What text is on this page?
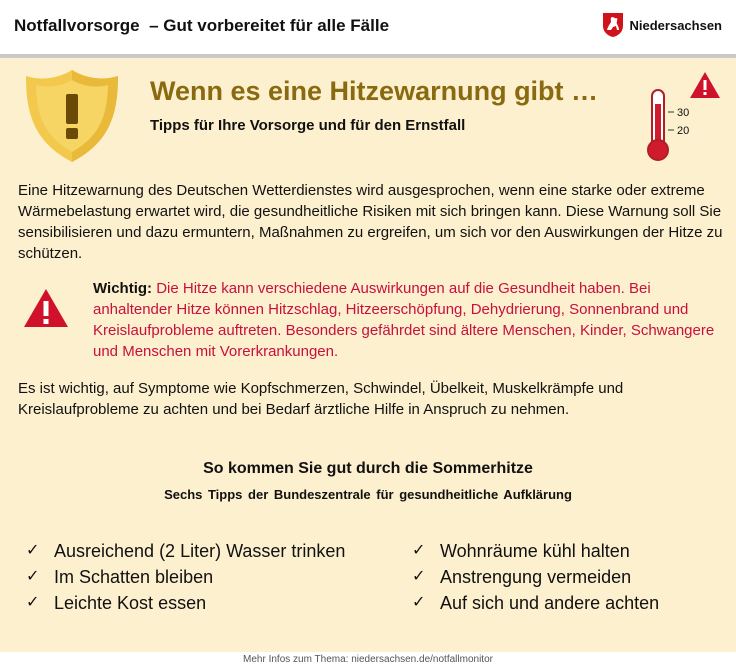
Notfallvorsorge  – Gut vorbereitet für alle Fälle	Niedersachsen
Wenn es eine Hitzewarnung gibt …
Tipps für Ihre Vorsorge und für den Ernstfall
30
20
Eine Hitzewarnung des Deutschen Wetterdienstes wird ausgesprochen, wenn eine starke oder extreme Wärmebelastung erwartet wird, die gesundheitliche Risiken mit sich bringen kann. Diese Warnung soll Sie sensibilisieren und dazu ermuntern, Maßnahmen zu ergreifen, um sich vor den Auswirkungen der Hitze zu schützen.
Wichtig: Die Hitze kann verschiedene Auswirkungen auf die Gesundheit haben. Bei anhaltender Hitze können Hitzschlag, Hitzeerschöpfung, Dehydrierung, Sonnenbrand und Kreislaufprobleme auftreten. Besonders gefährdet sind ältere Menschen, Kinder, Schwangere und Menschen mit Vorerkrankungen.
Es ist wichtig, auf Symptome wie Kopfschmerzen, Schwindel, Übelkeit, Muskelkrämpfe und Kreislaufprobleme zu achten und bei Bedarf ärztliche Hilfe in Anspruch zu nehmen.
So kommen Sie gut durch die Sommerhitze
Sechs Tipps der Bundeszentrale für gesundheitliche Aufklärung
✓ Ausreichend (2 Liter) Wasser trinken
✓ Im Schatten bleiben
✓ Leichte Kost essen
✓ Wohnräume kühl halten
✓ Anstrengung vermeiden
✓ Auf sich und andere achten
Mehr Infos zum Thema: niedersachsen.de/notfallmonitor
